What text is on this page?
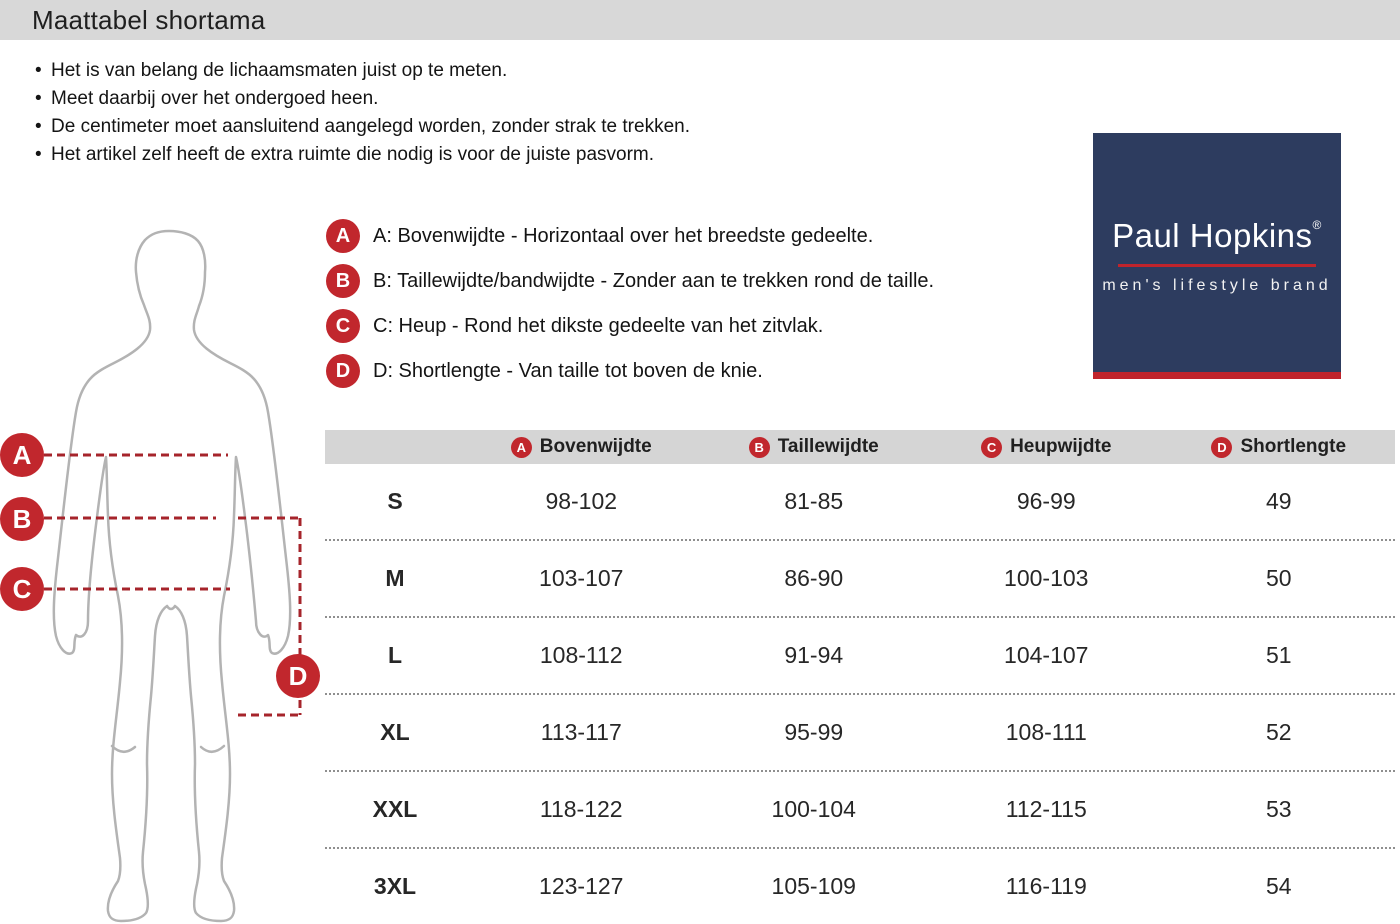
Maattabel shortama
• Het is van belang de lichaamsmaten juist op te meten.
• Meet daarbij over het ondergoed heen.
• De centimeter moet aansluitend aangelegd worden, zonder strak te trekken.
• Het artikel zelf heeft de extra ruimte die nodig is voor de juiste pasvorm.
A
B
C
D
A	A: Bovenwijdte - Horizontaal over het breedste gedeelte.
B	B: Taillewijdte/bandwijdte - Zonder aan te trekken rond de taille.
C	C: Heup - Rond het dikste gedeelte van het zitvlak.
D	D: Shortlengte - Van taille tot boven de knie.
Paul Hopkins®
men's lifestyle brand
A Bovenwijdte	B Taillewijdte	C Heupwijdte	D Shortlengte
S	98-102	81-85	96-99	49
M	103-107	86-90	100-103	50
L	108-112	91-94	104-107	51
XL	113-117	95-99	108-111	52
XXL	118-122	100-104	112-115	53
3XL	123-127	105-109	116-119	54
